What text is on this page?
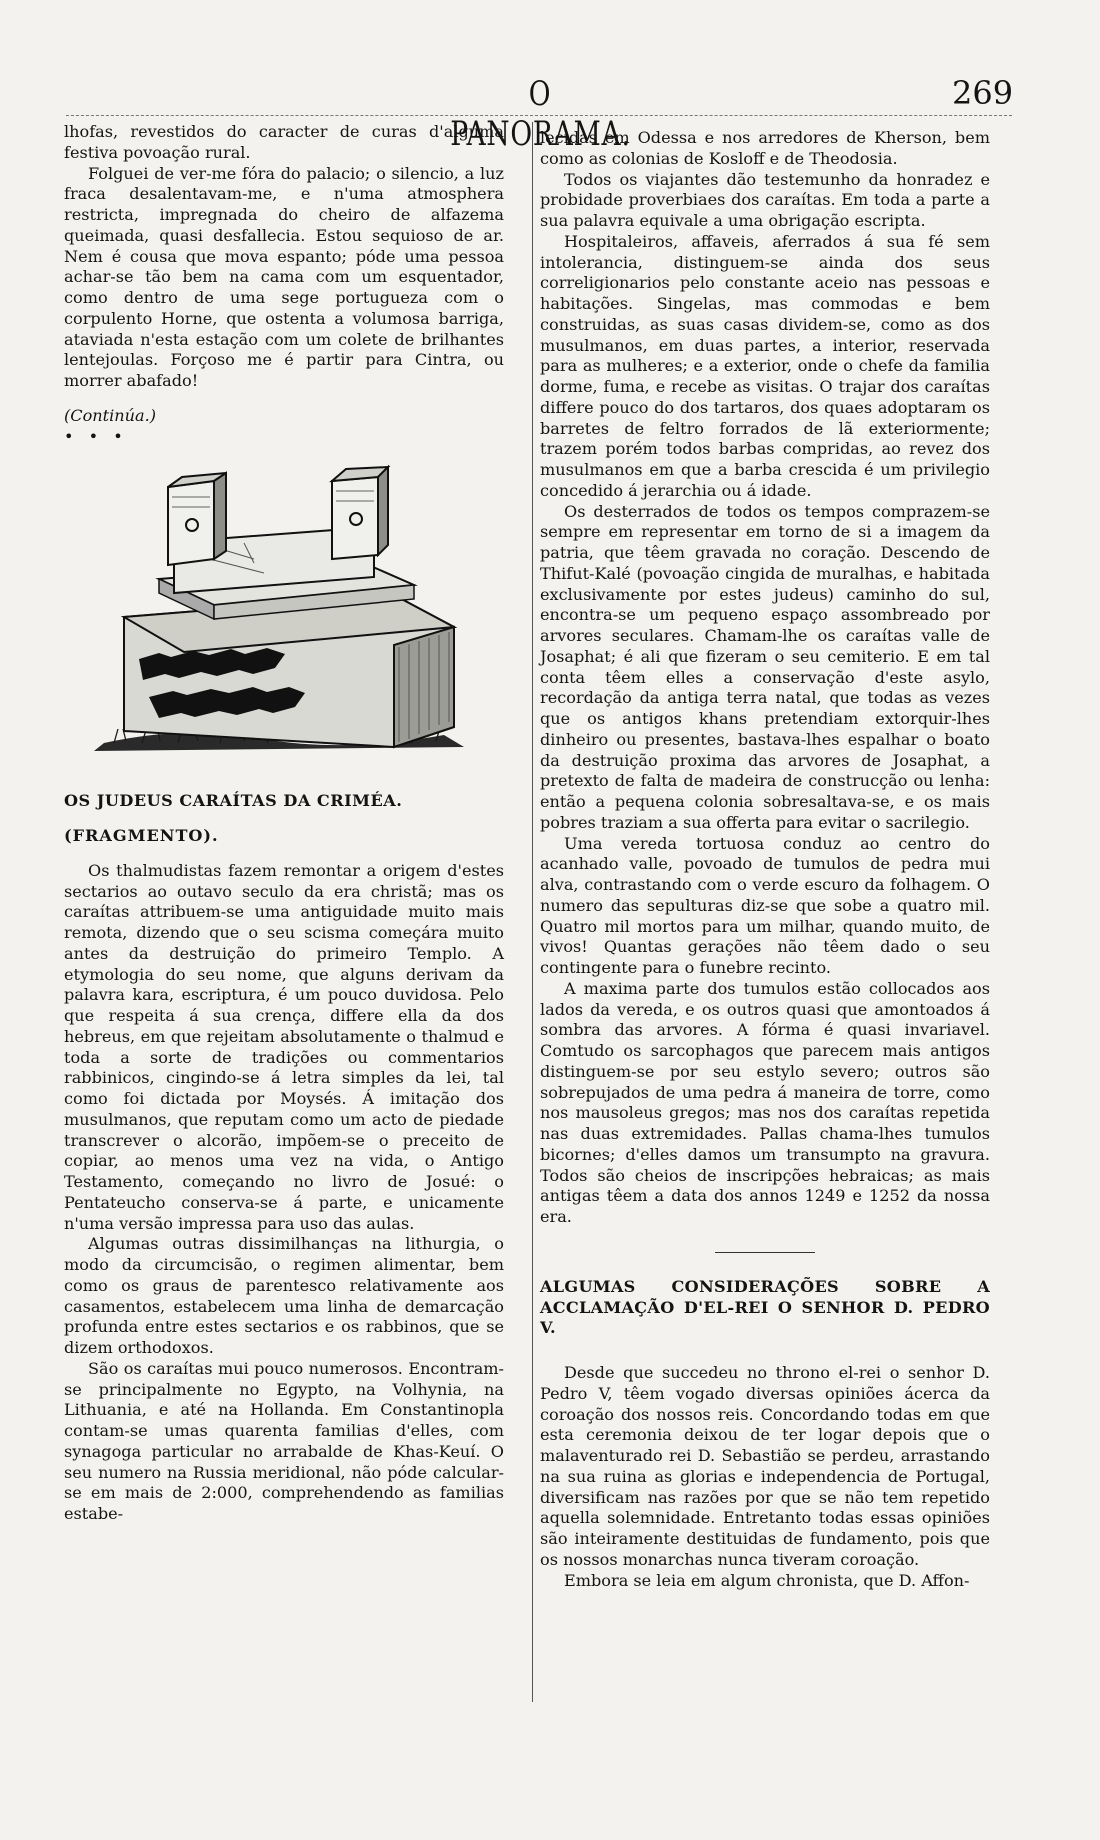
O PANORAMA.
269

lhofas, revestidos do caracter de curas d'alguma festiva povoação rural.

Folguei de ver-me fóra do palacio; o silencio, a luz fraca desalentavam-me, e n'uma atmosphera restricta, impregnada do cheiro de alfazema queimada, quasi desfallecia. Estou sequioso de ar. Nem é cousa que mova espanto; póde uma pessoa achar-se tão bem na cama com um esquentador, como dentro de uma sege portugueza com o corpulento Horne, que ostenta a volumosa barriga, ataviada n'esta estação com um colete de brilhantes lentejoulas. Forçoso me é partir para Cintra, ou morrer abafado!

(Continúa.)

• • •

OS JUDEUS CARAÍTAS DA CRIMÉA.

(FRAGMENTO).

Os thalmudistas fazem remontar a origem d'estes sectarios ao outavo seculo da era christã; mas os caraítas attribuem-se uma antiguidade muito mais remota, dizendo que o seu scisma começára muito antes da destruição do primeiro Templo. A etymologia do seu nome, que alguns derivam da palavra kara, escriptura, é um pouco duvidosa. Pelo que respeita á sua crença, differe ella da dos hebreus, em que rejeitam absolutamente o thalmud e toda a sorte de tradições ou commentarios rabbinicos, cingindo-se á letra simples da lei, tal como foi dictada por Moysés. Á imitação dos musulmanos, que reputam como um acto de piedade transcrever o alcorão, impõem-se o preceito de copiar, ao menos uma vez na vida, o Antigo Testamento, começando no livro de Josué: o Pentateucho conserva-se á parte, e unicamente n'uma versão impressa para uso das aulas.

Algumas outras dissimilhanças na lithurgia, o modo da circumcisão, o regimen alimentar, bem como os graus de parentesco relativamente aos casamentos, estabelecem uma linha de demarcação profunda entre estes sectarios e os rabbinos, que se dizem orthodoxos.

São os caraítas mui pouco numerosos. Encontram-se principalmente no Egypto, na Volhynia, na Lithuania, e até na Hollanda. Em Constantinopla contam-se umas quarenta familias d'elles, com synagoga particular no arrabalde de Khas-Keuí. O seu numero na Russia meridional, não póde calcular-se em mais de 2:000, comprehendendo as familias estabe-

lecidas em Odessa e nos arredores de Kherson, bem como as colonias de Kosloff e de Theodosia.

Todos os viajantes dão testemunho da honradez e probidade proverbiaes dos caraítas. Em toda a parte a sua palavra equivale a uma obrigação escripta.

Hospitaleiros, affaveis, aferrados á sua fé sem intolerancia, distinguem-se ainda dos seus correligionarios pelo constante aceio nas pessoas e habitações. Singelas, mas commodas e bem construidas, as suas casas dividem-se, como as dos musulmanos, em duas partes, a interior, reservada para as mulheres; e a exterior, onde o chefe da familia dorme, fuma, e recebe as visitas. O trajar dos caraítas differe pouco do dos tartaros, dos quaes adoptaram os barretes de feltro forrados de lã exteriormente; trazem porém todos barbas compridas, ao revez dos musulmanos em que a barba crescida é um privilegio concedido á jerarchia ou á idade.

Os desterrados de todos os tempos comprazem-se sempre em representar em torno de si a imagem da patria, que têem gravada no coração. Descendo de Thifut-Kalé (povoação cingida de muralhas, e habitada exclusivamente por estes judeus) caminho do sul, encontra-se um pequeno espaço assombreado por arvores seculares. Chamam-lhe os caraítas valle de Josaphat; é ali que fizeram o seu cemiterio. E em tal conta têem elles a conservação d'este asylo, recordação da antiga terra natal, que todas as vezes que os antigos khans pretendiam extorquir-lhes dinheiro ou presentes, bastava-lhes espalhar o boato da destruição proxima das arvores de Josaphat, a pretexto de falta de madeira de construcção ou lenha: então a pequena colonia sobresaltava-se, e os mais pobres traziam a sua offerta para evitar o sacrilegio.

Uma vereda tortuosa conduz ao centro do acanhado valle, povoado de tumulos de pedra mui alva, contrastando com o verde escuro da folhagem. O numero das sepulturas diz-se que sobe a quatro mil. Quatro mil mortos para um milhar, quando muito, de vivos! Quantas gerações não têem dado o seu contingente para o funebre recinto.

A maxima parte dos tumulos estão collocados aos lados da vereda, e os outros quasi que amontoados á sombra das arvores. A fórma é quasi invariavel. Comtudo os sarcophagos que parecem mais antigos distinguem-se por seu estylo severo; outros são sobrepujados de uma pedra á maneira de torre, como nos mausoleus gregos; mas nos dos caraítas repetida nas duas extremidades. Pallas chama-lhes tumulos bicornes; d'elles damos um transumpto na gravura. Todos são cheios de inscripções hebraicas; as mais antigas têem a data dos annos 1249 e 1252 da nossa era.

ALGUMAS CONSIDERAÇÕES SOBRE A ACCLAMAÇÃO D'EL-REI O SENHOR D. PEDRO V.

Desde que succedeu no throno el-rei o senhor D. Pedro V, têem vogado diversas opiniões ácerca da coroação dos nossos reis. Concordando todas em que esta ceremonia deixou de ter logar depois que o malaventurado rei D. Sebastião se perdeu, arrastando na sua ruina as glorias e independencia de Portugal, diversificam nas razões por que se não tem repetido aquella solemnidade. Entretanto todas essas opiniões são inteiramente destituidas de fundamento, pois que os nossos monarchas nunca tiveram coroação.

Embora se leia em algum chronista, que D. Affon-
